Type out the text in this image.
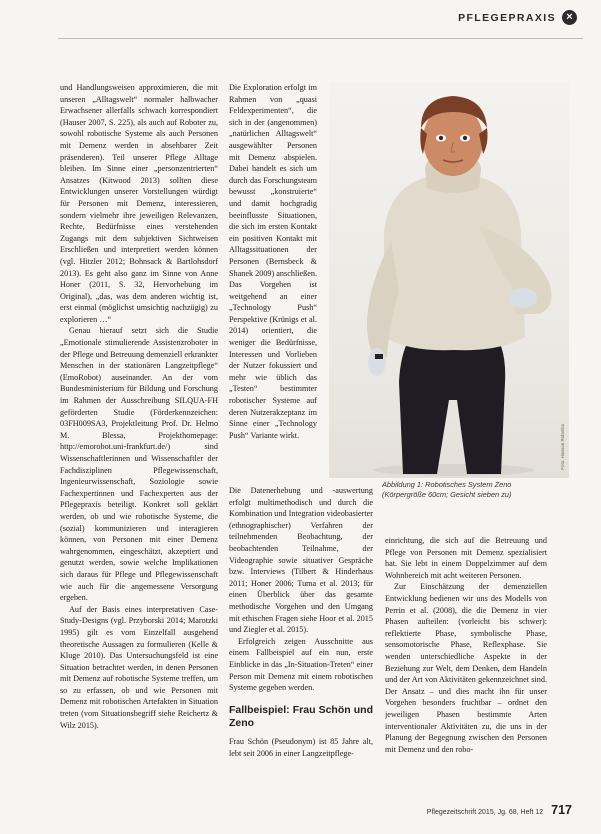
PFLEGEPRAXIS ×

und Handlungsweisen approximieren, die mit unseren „Alltagswelt“ normaler halbwacher Erwachsener allerfalls schwach korrespondiert (Hauser 2007, S. 225), als auch auf Roboter zu, sowohl robotische Systeme als auch Personen mit Demenz werden in absehbarer Zeit präsenderen). Teil unserer Pflege Alltage bleiben. Im Sinne einer „personzentrierten“ Ansatzes (Kitwood 2013) sollten diese Entwicklungen unserer Vorstellungen würdigt für Personen mit Demenz, interessieren, sondern vielmehr ihre jeweiligen Relevanzen, Rechte, Bedürfnisse eines verstehenden Zugangs mit dem subjektiven Sichtweisen Erschließen und interpretiert werden können (vgl. Hitzler 2012; Bohnsack & Bartlohsdorf 2013). Es geht also ganz im Sinne von Anne Honer (2011, S. 32, Hervorhebung im Original), „das, was dem anderen wichtig ist, erst einmal (möglichst umsichtig nachzügig) zu explorieren …“

Genau hierauf setzt sich die Studie „Emotionale stimulierende Assistenzroboter in der Pflege und Betreuung demenziell erkrankter Menschen in der stationären Langzeitpflege“ (EmoRobot) auseinander. An der vom Bundesministerium für Bildung und Forschung im Rahmen der Ausschreibung SILQUA-FH geförderten Studie (Förderkennzeichen: 03FH009SA3, Projektleitung Prof. Dr. Helmo M. Blessa, Projekthomepage: http://emorobot.uni-frankfurt.de/) sind Wissenschaftlerinnen und Wissenschaftler der Fachdisziplinen Pflegewissenschaft, Ingenieurwissenschaft, Soziologie sowie Fachexpertinnen und Fachexperten aus der Pflegepraxis beteiligt. Konkret soll geklärt werden, ob und wie robotische Systeme, die (sozial) kommunizieren und interagieren können, von Personen mit einer Demenz wahrgenommen, eingeschätzt, akzeptiert und genutzt werden, sowie welche Implikationen sich daraus für Pflege und Pflegewissenschaft wie auch für die angemessene Versorgung ergeben.

Auf der Basis eines interpretativen Case-Study-Designs (vgl. Przyborski 2014; Marotzki 1995) gilt es vom Einzelfall ausgehend theoretische Aussagen zu formulieren (Kelle & Kluge 2010). Das Untersuchungsfeld ist eine Situation betrachtet werden, in denen Personen mit Demenz auf robotische Systeme treffen, um so zu erfassen, ob und wie Personen mit Demenz mit robotischen Artefakten in Situation treten (vom Situationsbegriff siehe Reichertz & Wilz 2015).

Die Exploration erfolgt im Rahmen von „quasi Feldexperimenten“, die sich in der (angenommen) „natürlichen Alltagswelt“ ausgewählter Personen mit Demenz abspielen. Dabei handelt es sich um durch das Forschungsteam bewusst „konstruierte“ und damit hochgradig beeinflusste Situationen, die sich im ersten Kontakt ein positiven Kontakt mit Alltagssituationen der Personen (Bernsbeck & Shanek 2009) anschließen. Das Vorgehen ist weitgehend an einer „Technology Push“ Perspektive (Krünigs et al. 2014) orientiert, die weniger die Bedürfnisse, Interessen und Vorlieben der Nutzer fokussiert und mehr wie üblich das „Testen“ bestimmter robotischer Systeme auf deren Nutzerakzeptanz im Sinne einer „Technology Push“ Variante wirkt.	Foto: Hanson Robotics
Abbildung 1: Robotisches System Zeno (Körpergröße 60cm; Gesicht sieben zu)

Die Datenerhebung und -auswertung erfolgt multimethodisch und durch die Kombination und Integration videobasierter (ethnographischer) Verfahren der teilnehmenden Beobachtung, der beobachtenden Teilnahme, der Videographie sowie situativer Gespräche bzw. Interviews (Tilbert & Hinderhaus 2011; Honer 2006; Tuma et al. 2013; für einen Überblick über das gesamte methodische Vorgehen und den Umgang mit ethischen Fragen siehe Hoor et al. 2015 und Ziegler et al. 2015).

Erfolgreich zeigen Ausschnitte aus einem Fallbeispiel auf ein nun, erste Einblicke in das „In-Situation-Treten“ einer Person mit Demenz mit einem robotischen Systeme gegeben werden.

Fallbeispiel: Frau Schön und Zeno

Frau Schön (Pseudonym) ist 85 Jahre alt, lebt seit 2006 in einer Langzeitpflege-

einrichtung, die sich auf die Betreuung und Pflege von Personen mit Demenz spezialisiert hat. Sie lebt in einem Doppelzimmer auf dem Wohnbereich mit acht weiteren Personen.

Zur Einschätzung der demenziellen Entwicklung bedienen wir uns des Modells von Perrin et al. (2008), die die Demenz in vier Phasen aufteilen: (vorleicht bis schwer): reflektierte Phase, symbolische Phase, sensomotorische Phase, Reflexphase. Sie wenden unterschiedliche Aspekte in der Beziehung zur Welt, dem Denken, dem Handeln und der Art von Aktivitäten gekennzeichnet sind. Der Ansatz – und dies macht ihn für unser Vorgehen besonders fruchtbar – ordnet den jeweiligen Phasen bestimmte Arten interventionaler Aktivitäten zu, die uns in der Planung der Begegnung zwischen den Personen mit Demenz und den robo-

Pflegezeitschrift 2015, Jg. 68, Heft 12 717
